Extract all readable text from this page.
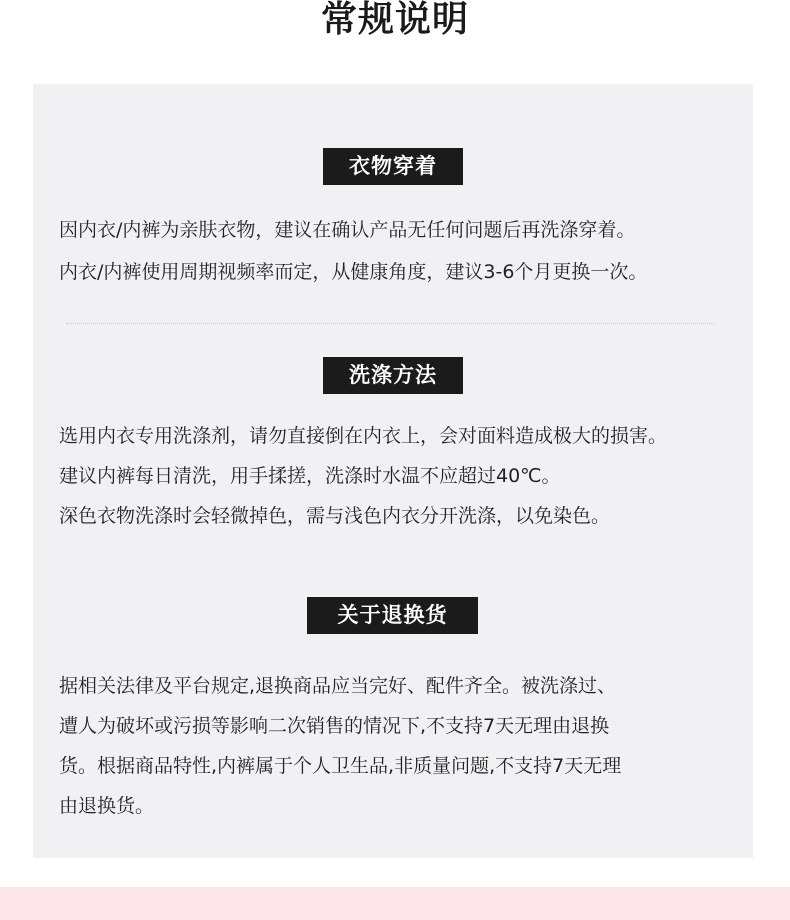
常规说明
衣物穿着
因内衣/内裤为亲肤衣物，建议在确认产品无任何问题后再洗涤穿着。
内衣/内裤使用周期视频率而定，从健康角度，建议3-6个月更换一次。
洗涤方法
选用内衣专用洗涤剂，请勿直接倒在内衣上，会对面料造成极大的损害。
建议内裤每日清洗，用手揉搓，洗涤时水温不应超过40℃。
深色衣物洗涤时会轻微掉色，需与浅色内衣分开洗涤，以免染色。
关于退换货
据相关法律及平台规定,退换商品应当完好、配件齐全。被洗涤过、
遭人为破坏或污损等影响二次销售的情况下,不支持7天无理由退换
货。根据商品特性,内裤属于个人卫生品,非质量问题,不支持7天无理
由退换货。
